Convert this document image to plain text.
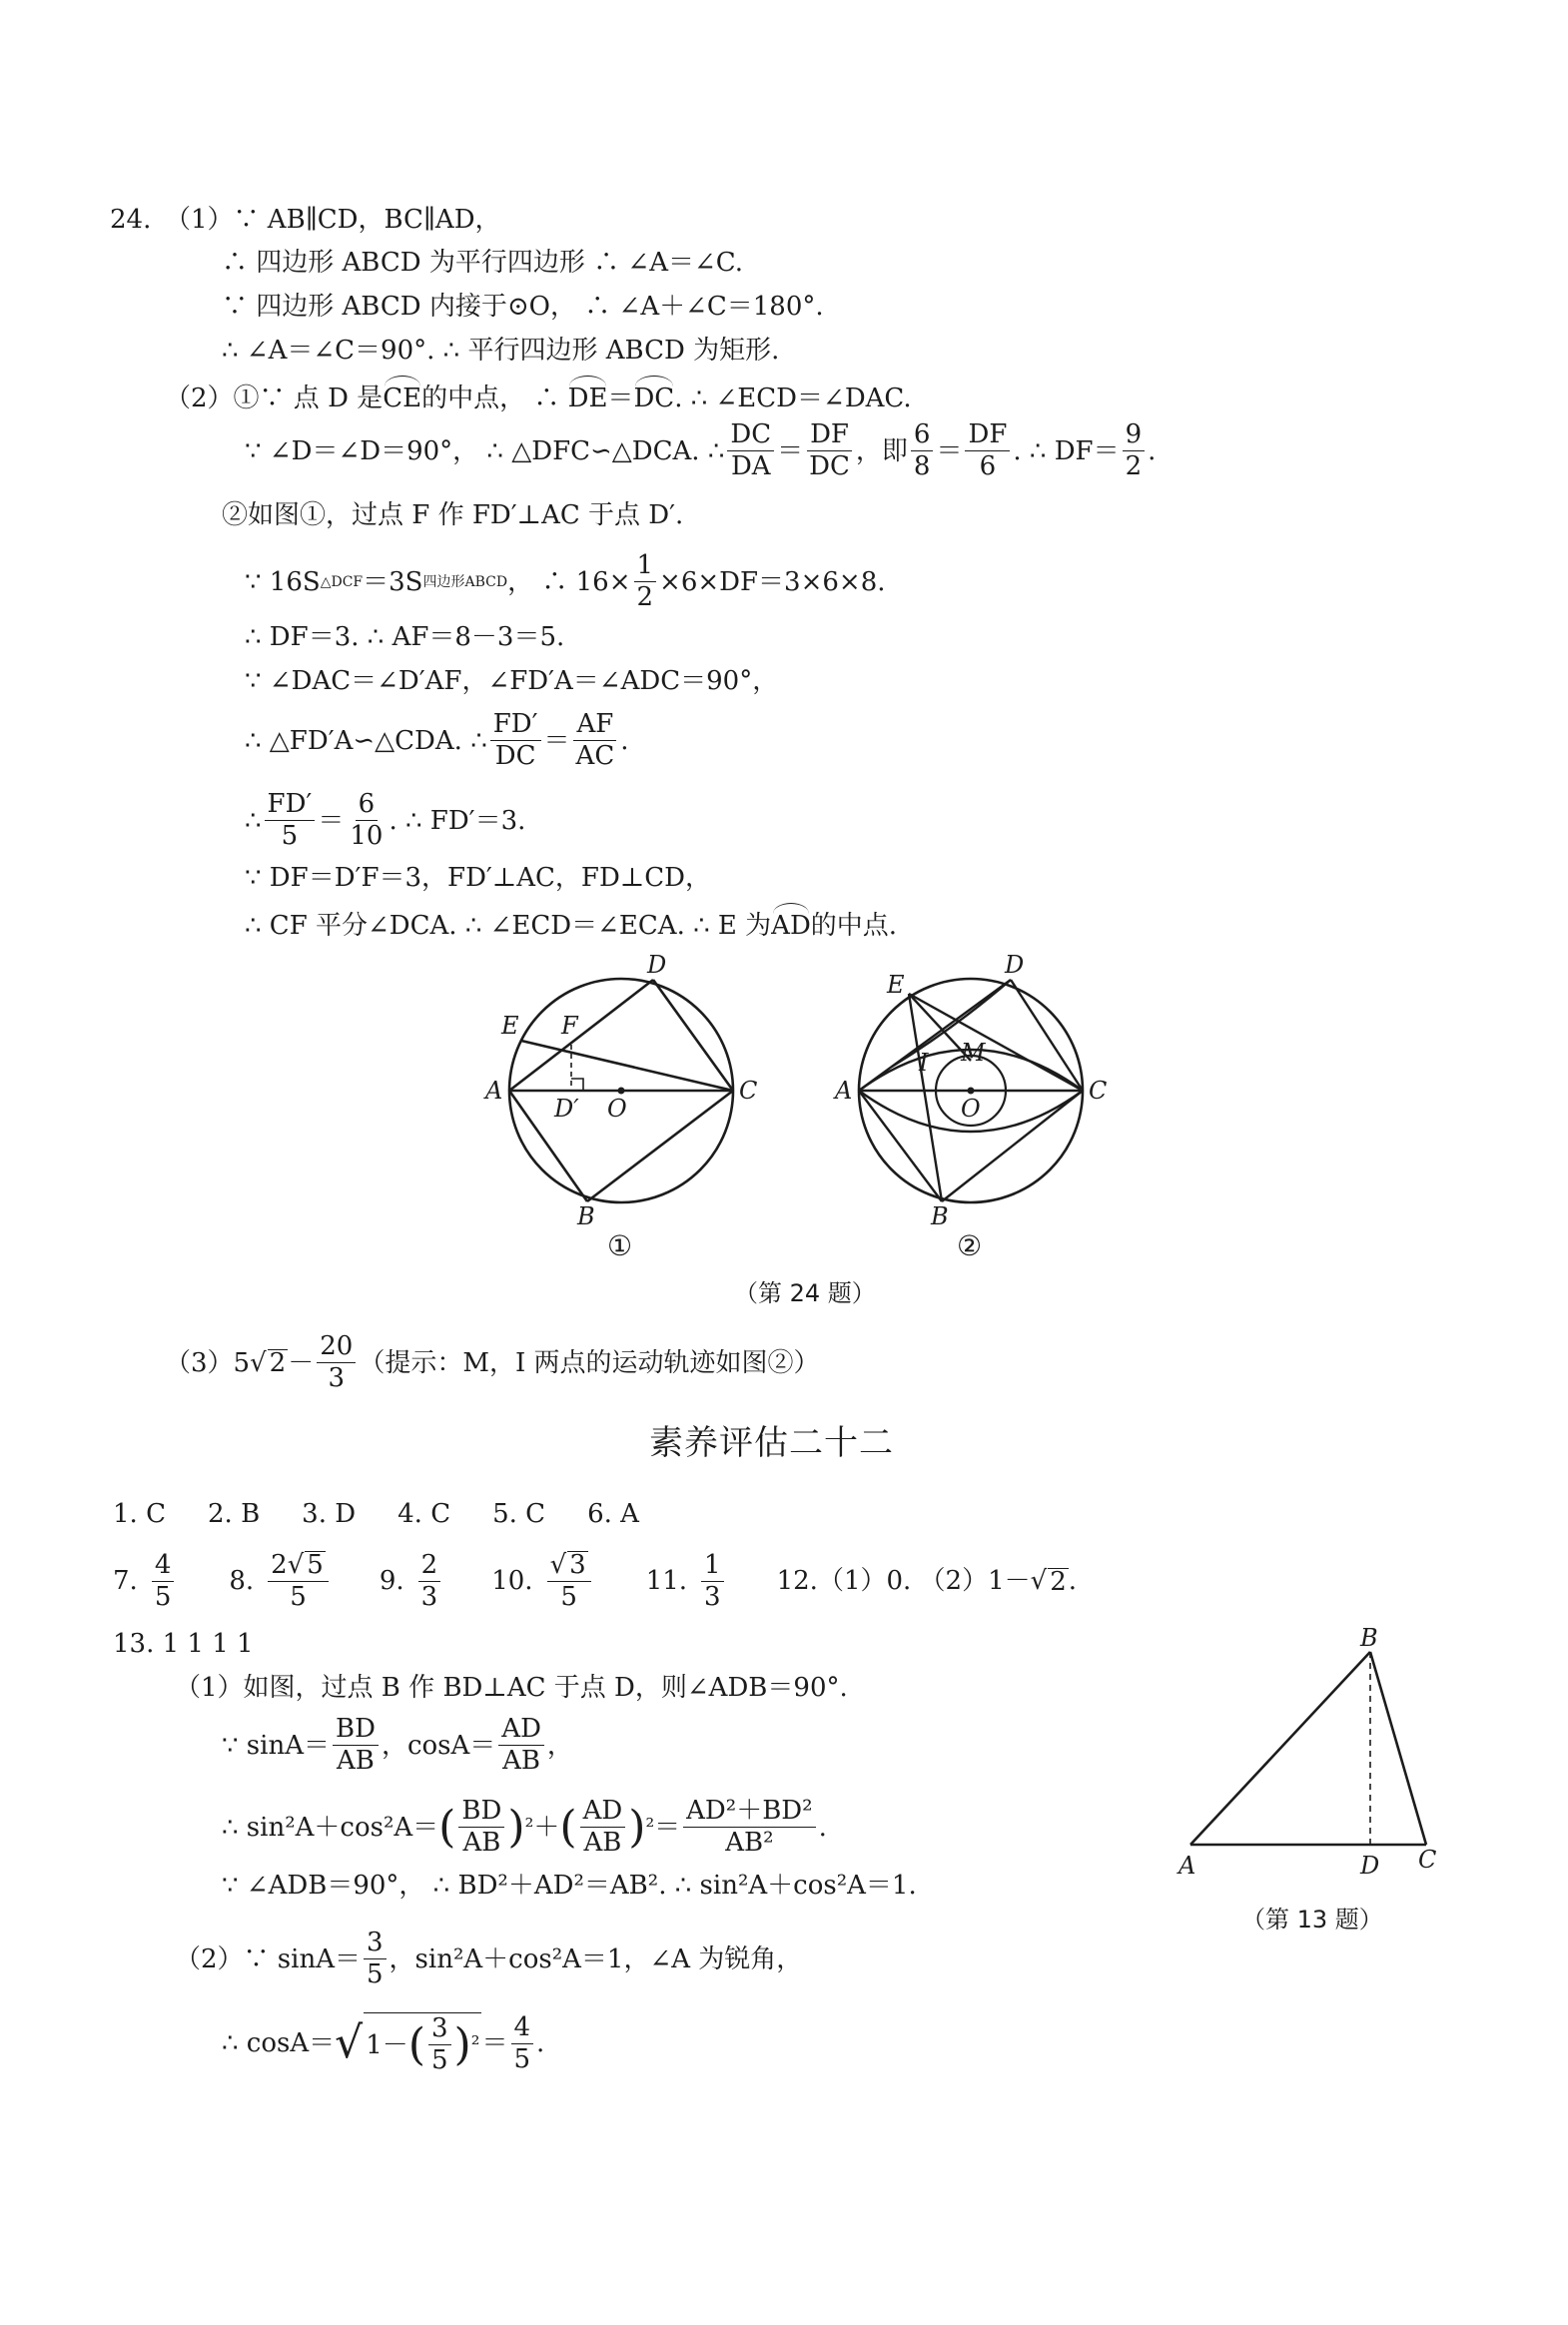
24. （1）∵ AB∥CD，BC∥AD，
∴ 四边形 ABCD 为平行四边形 ∴ ∠A＝∠C.
∵ 四边形 ABCD 内接于⊙O， ∴ ∠A＋∠C＝180°.
∴ ∠A＝∠C＝90°. ∴ 平行四边形 ABCD 为矩形.
（2）①∵ 点 D 是CE的中点， ∴ DE＝DC. ∴ ∠ECD＝∠DAC.
∵ ∠D＝∠D＝90°， ∴ △DFC∽△DCA. ∴ $\frac{DC}{DA} = \frac{DF}{DC}$ ，即 $\frac{6}{8} = \frac{DF}{6}$ . ∴ $DF= \frac{9}{2}$ .
②如图①，过点 F 作 FD′⊥AC 于点 D′.
∵ 16S △DCF ＝3S 四边形ABCD ， ∴ $16\times \frac{1}{2} \times 6\times DF=3\times 6\times 8$.
∴ DF＝3. ∴ AF＝8－3＝5.
∵ ∠DAC＝∠D′AF，∠FD′A＝∠ADC＝90°，
∴ △FD′A∽△CDA. ∴ $\frac{FD'}{DC} = \frac{AF}{AC}$ .
∴ $\frac{FD'}{5} = \frac{6}{10}$ . ∴ FD′＝3.
∵ DF＝D′F＝3，FD′⊥AC，FD⊥CD，
∴ CF 平分∠DCA. ∴ ∠ECD＝∠ECA. ∴ E 为AD的中点.
D
E F
A	C
D′ O
B
①
E
D
I M
A
O
C
B
②
（第 24 题）
（3）5 √ $2 - \frac{20}{3}$ （提示：M，I 两点的运动轨迹如图②）
素养评估二十二
1. C 2. B 3. D 4. C 5. C 6. A
7. $\frac{4}{5} 8$. $\frac{2√ 5}{5} 9$. $\frac{2}{3} 10$. $\frac{√ 3}{5} 11$. $\frac{1}{3} 12.(1)0$. （2）1－ √ 2 .
13. 1 1 1 1
（1）如图，过点 B 作 BD⊥AC 于点 D，则∠ADB＝90°.
∵ $\sin A= \frac{BD}{AB}$ ，$\cos A= \frac{AD}{AB}$ ，
∴ sin²A＋cos²A＝ ( $\frac{BD}{AB}$ ) ² ＋ ( $\frac{AD}{AB}$ ) $^2 = \frac{\text{AD²＋BD²}}{\text{AB²}}$ .
∵ ∠ADB＝90°， ∴ BD²＋AD²＝AB². ∴ sin²A＋cos²A＝1.
（2）∵ $\sin A= \frac{3}{5}$ ，sin²A＋cos²A＝1，∠A 为锐角，
∴ cosA＝ √ 1－ ( $\frac{3}{5}$ ) $^2 = \frac{4}{5}$ .
B
A	D C
（第 13 题）
